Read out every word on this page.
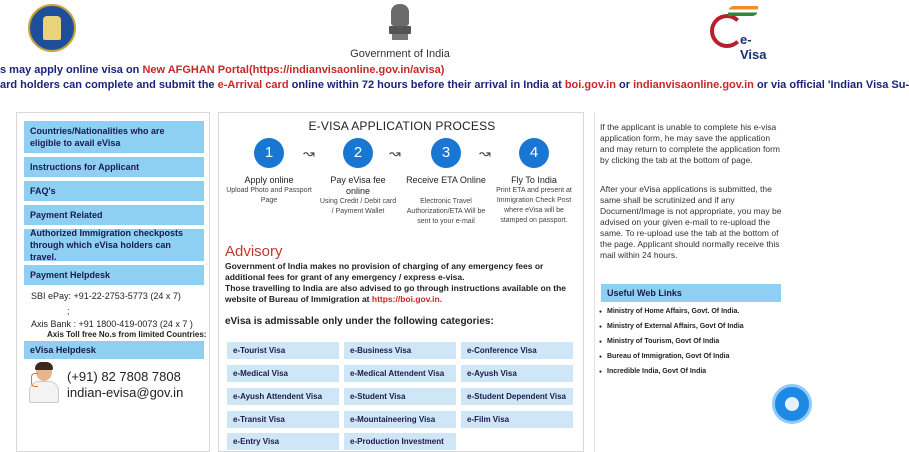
Government of India
e-Visa
s may apply online visa on New AFGHAN Portal(https://indianvisaonline.gov.in/avisa)
ard holders can complete and submit the e-Arrival card online within 72 hours before their arrival in India at boi.gov.in or indianvisaonline.gov.in or via official 'Indian Visa Su-
Countries/Nationalities who are eligible to avail eVisa
Instructions for Applicant
FAQ's
Payment Related
Authorized Immigration checkposts through which eVisa holders can travel.
Payment Helpdesk
SBI ePay: +91-22-2753-5773 (24 x 7)
;
Axis Bank : +91 1800-419-0073 (24 x 7 )
Axis Toll free No.s from limited Countries:
eVisa Helpdesk
(+91) 82 7808 7808
indian-evisa@gov.in
E-VISA APPLICATION PROCESS
1
Apply online
Upload Photo and Passport Page
↝	2
Pay eVisa fee online
Using Credit / Debit card / Payment Wallet
↝	3
Receive ETA Online
Electronic Travel Authorization/ETA Will be sent to your e-mail
↝	4
Fly To India
Print ETA and present at Immigration Check Post where eVisa will be stamped on passport.
Advisory
Government of India makes no provision of charging of any emergency fees or additional fees for grant of any emergency / express e-visa.
Those travelling to India are also advised to go through instructions available on the website of Bureau of Immigration at https://boi.gov.in.
eVisa is admissable only under the following categories:
e-Tourist Visa	e-Business Visa	e-Conference Visa
e-Medical Visa	e-Medical Attendent Visa	e-Ayush Visa
e-Ayush Attendent Visa	e-Student Visa	e-Student Dependent Visa
e-Transit Visa	e-Mountaineering Visa	e-Film Visa
e-Entry Visa	e-Production Investment
If the applicant is unable to complete his e-visa application form, he may save the application and may return to complete the application form by clicking the tab at the bottom of page.
After your eVisa applications is submitted, the same shall be scrutinized and if any Document/Image is not appropriate, you may be advised on your given e-mail to re-upload the same. To re-upload use the tab at the bottom of the page. Applicant should normally receive this mail within 24 hours.
Useful Web Links
● Ministry of Home Affairs, Govt. Of India.
● Ministry of External Affairs, Govt Of India
● Ministry of Tourism, Govt Of India
● Bureau of Immigration, Govt Of India
● Incredible India, Govt Of India
